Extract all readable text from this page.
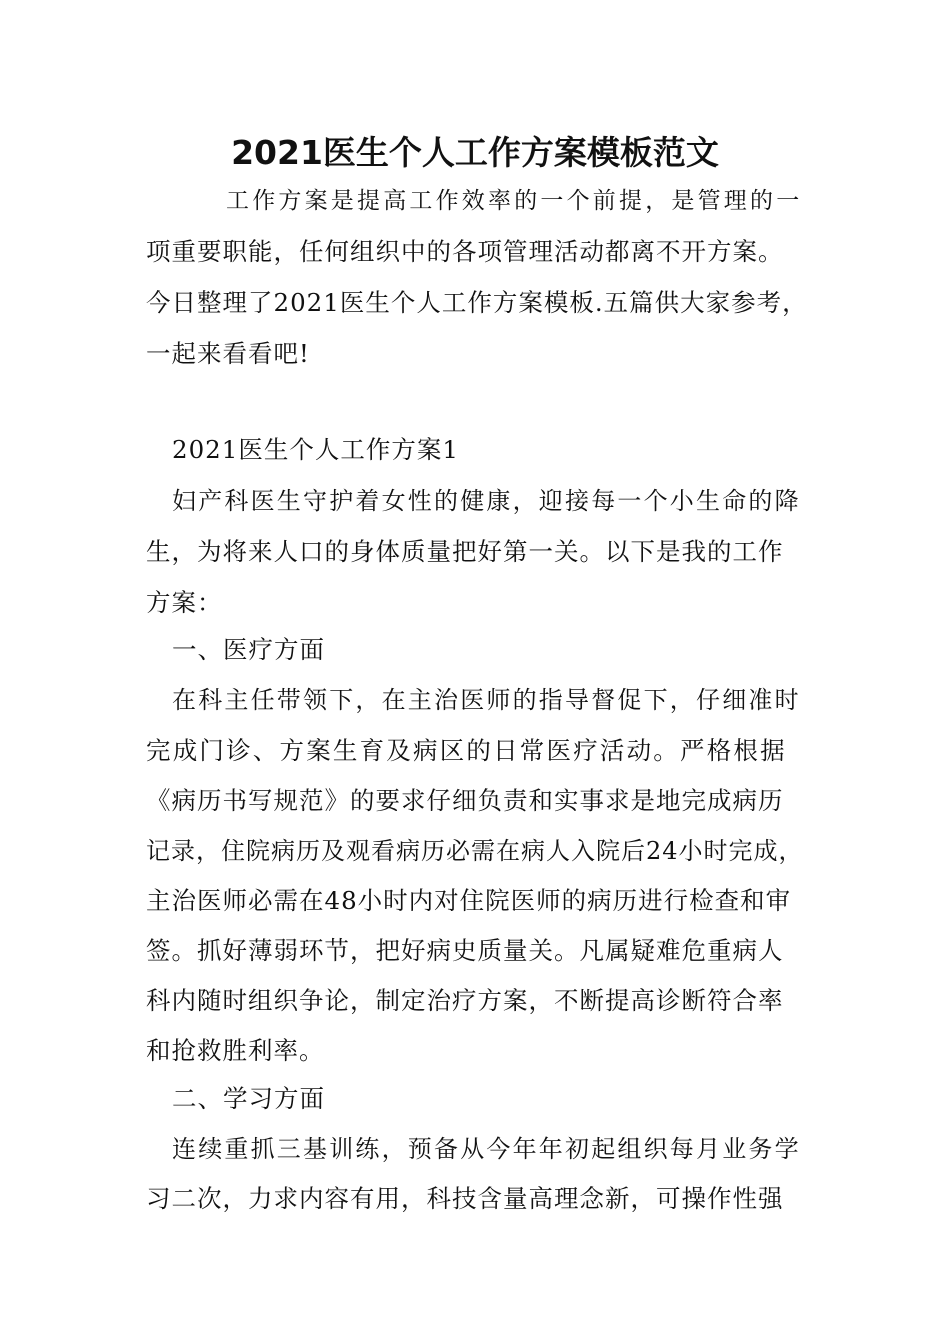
2021医生个人工作方案模板范文
工作方案是提高工作效率的一个前提，是管理的一
项重要职能，任何组织中的各项管理活动都离不开方案。
今日整理了2021医生个人工作方案模板.五篇供大家参考，
一起来看看吧!
2021医生个人工作方案1
妇产科医生守护着女性的健康，迎接每一个小生命的降
生，为将来人口的身体质量把好第一关。以下是我的工作
方案：
一、医疗方面
在科主任带领下，在主治医师的指导督促下，仔细准时
完成门诊、方案生育及病区的日常医疗活动。严格根据
《病历书写规范》的要求仔细负责和实事求是地完成病历
记录，住院病历及观看病历必需在病人入院后24小时完成，
主治医师必需在48小时内对住院医师的病历进行检查和审
签。抓好薄弱环节，把好病史质量关。凡属疑难危重病人
科内随时组织争论，制定治疗方案，不断提高诊断符合率
和抢救胜利率。
二、学习方面
连续重抓三基训练，预备从今年年初起组织每月业务学
习二次，力求内容有用，科技含量高理念新，可操作性强
